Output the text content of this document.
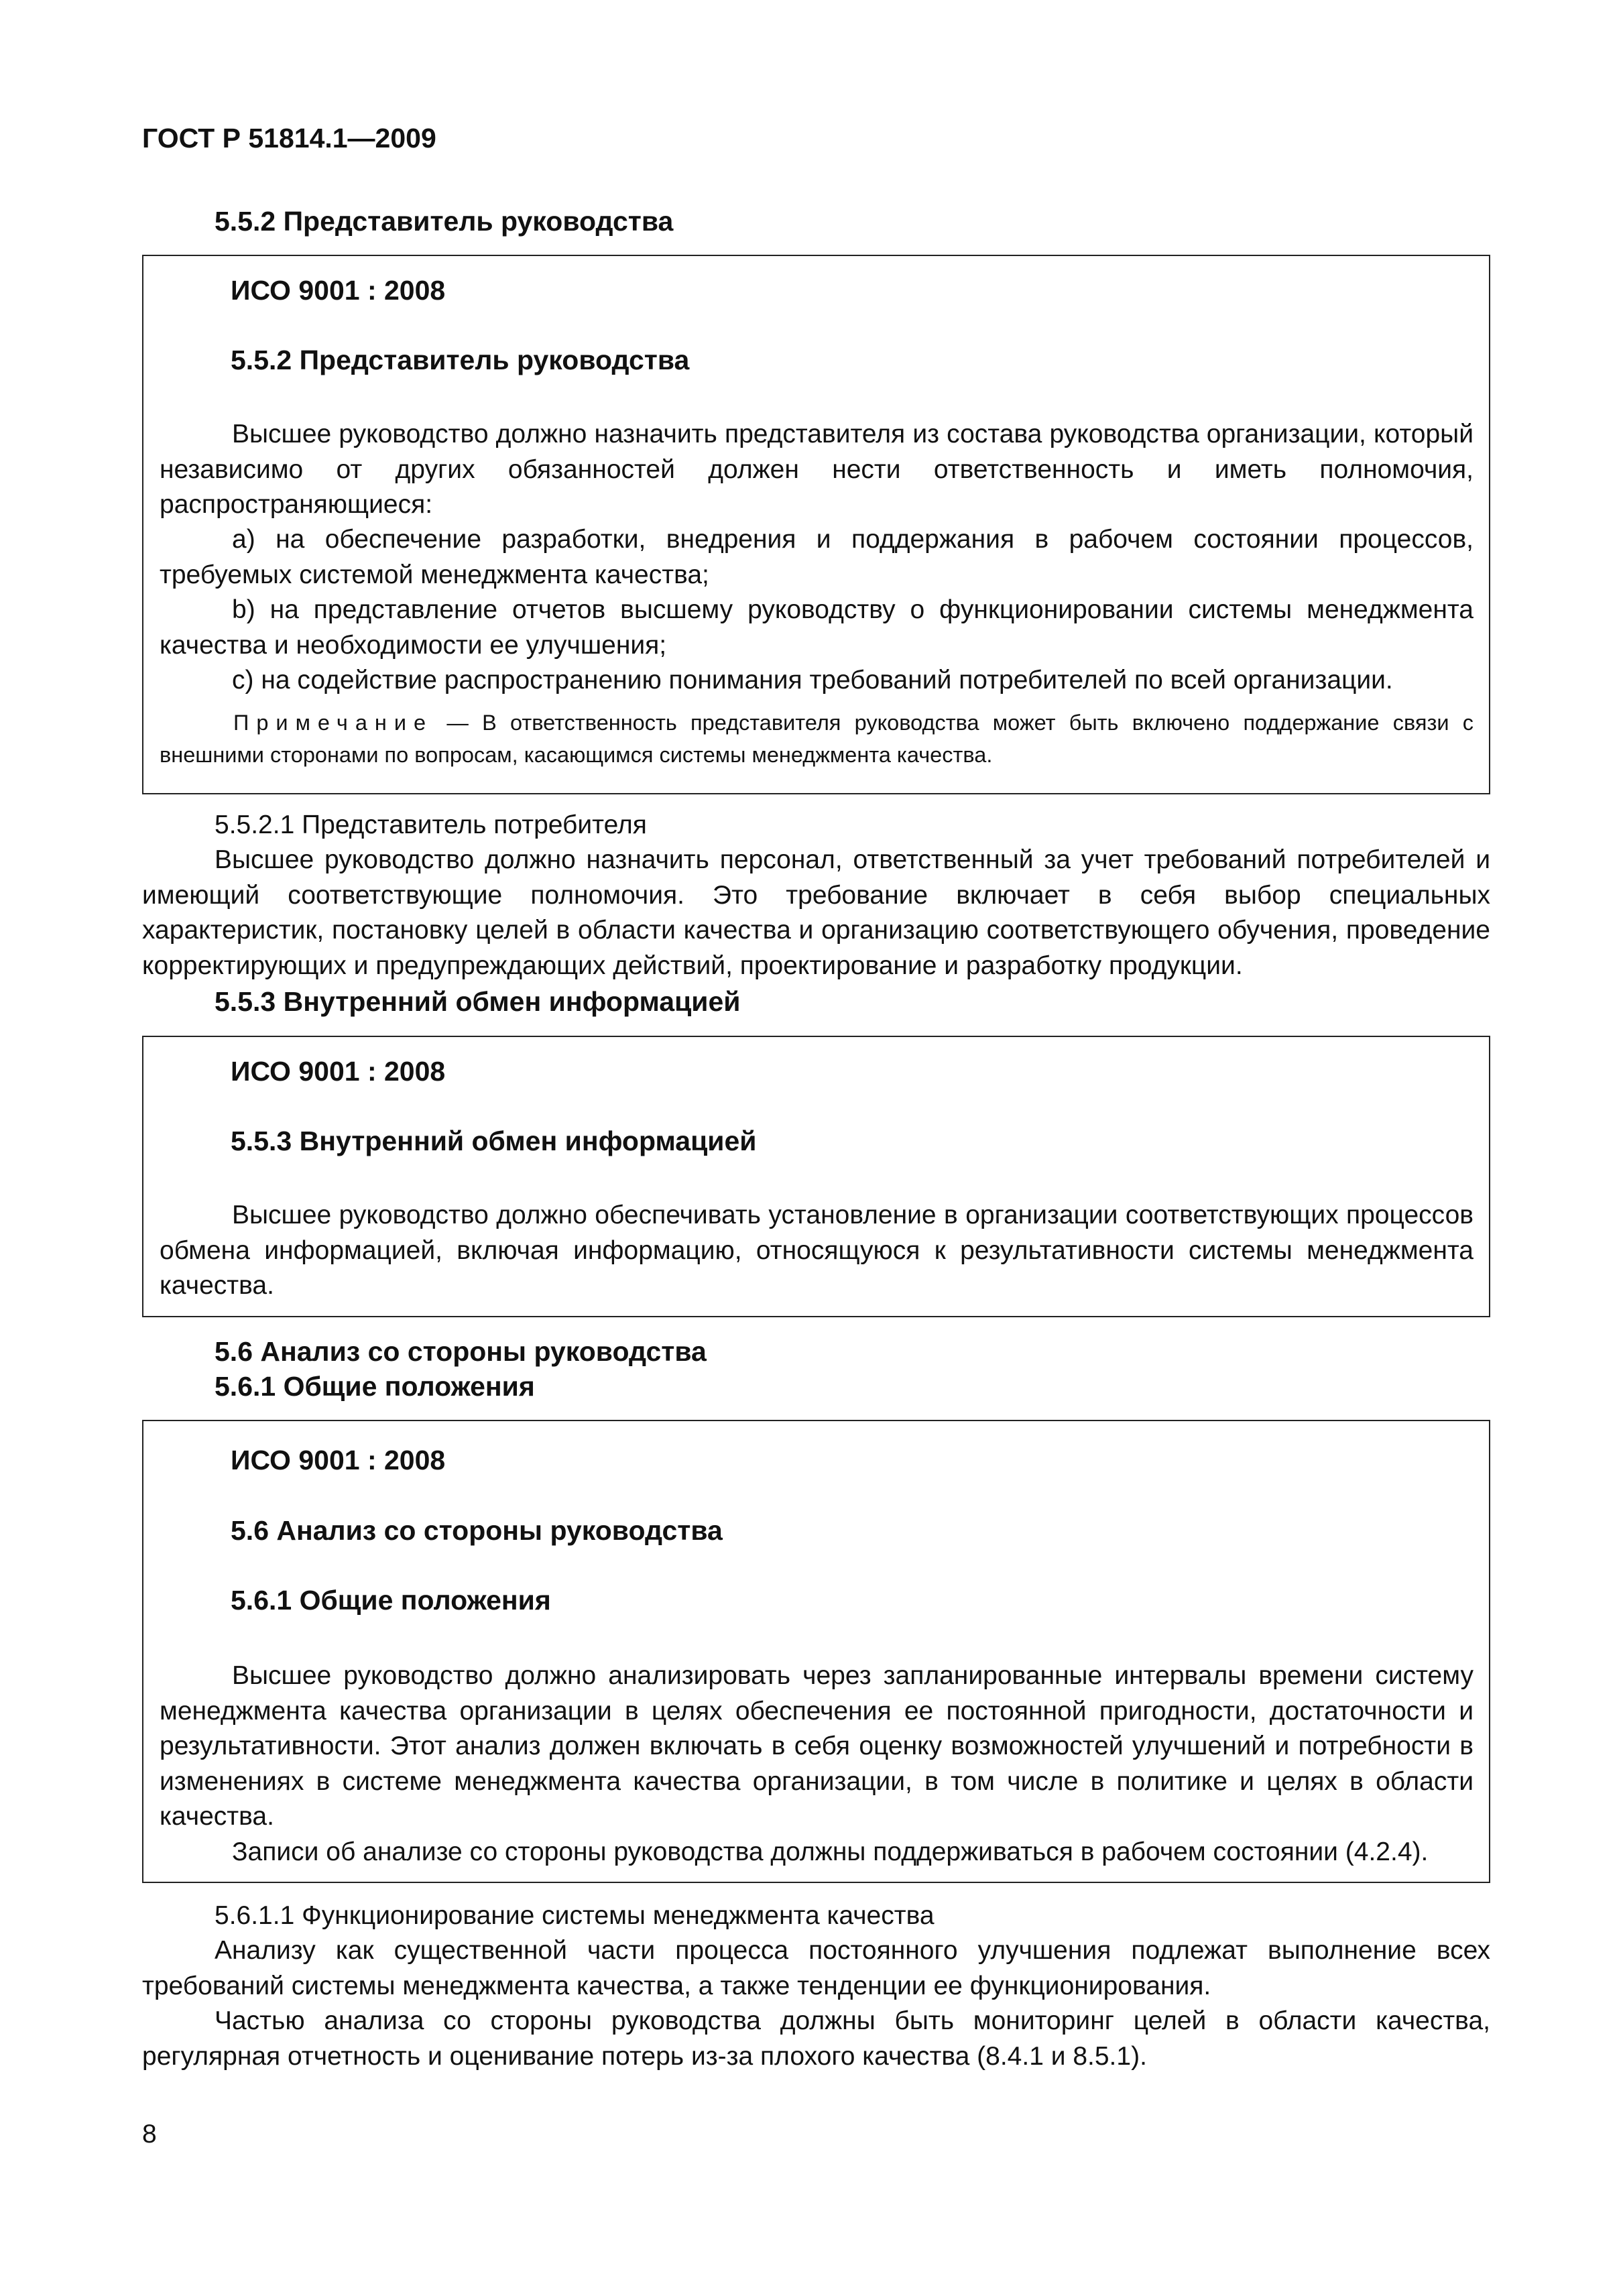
ГОСТ Р 51814.1—2009
5.5.2 Представитель руководства
ИСО 9001 : 2008
5.5.2 Представитель руководства

Высшее руководство должно назначить представителя из состава руководства организации, который независимо от других обязанностей должен нести ответственность и иметь полномочия, распространяющиеся:

а) на обеспечение разработки, внедрения и поддержания в рабочем состоянии процессов, требуемых системой менеджмента качества;

b) на представление отчетов высшему руководству о функционировании системы менеджмента качества и необходимости ее улучшения;

c) на содействие распространению понимания требований потребителей по всей организации.

Примечание — В ответственность представителя руководства может быть включено поддержание связи с внешними сторонами по вопросам, касающимся системы менеджмента качества.

5.5.2.1 Представитель потребителя

Высшее руководство должно назначить персонал, ответственный за учет требований потребителей и имеющий соответствующие полномочия. Это требование включает в себя выбор специальных характеристик, постановку целей в области качества и организацию соответствующего обучения, проведение корректирующих и предупреждающих действий, проектирование и разработку продукции.

5.5.3 Внутренний обмен информацией
ИСО 9001 : 2008
5.5.3 Внутренний обмен информацией

Высшее руководство должно обеспечивать установление в организации соответствующих процессов обмена информацией, включая информацию, относящуюся к результативности системы менеджмента качества.

5.6 Анализ со стороны руководства
5.6.1 Общие положения
ИСО 9001 : 2008
5.6 Анализ со стороны руководства
5.6.1 Общие положения

Высшее руководство должно анализировать через запланированные интервалы времени систему менеджмента качества организации в целях обеспечения ее постоянной пригодности, достаточности и результативности. Этот анализ должен включать в себя оценку возможностей улучшений и потребности в изменениях в системе менеджмента качества организации, в том числе в политике и целях в области качества.

Записи об анализе со стороны руководства должны поддерживаться в рабочем состоянии (4.2.4).

5.6.1.1 Функционирование системы менеджмента качества

Анализу как существенной части процесса постоянного улучшения подлежат выполнение всех требований системы менеджмента качества, а также тенденции ее функционирования.

Частью анализа со стороны руководства должны быть мониторинг целей в области качества, регулярная отчетность и оценивание потерь из-за плохого качества (8.4.1 и 8.5.1).

8
